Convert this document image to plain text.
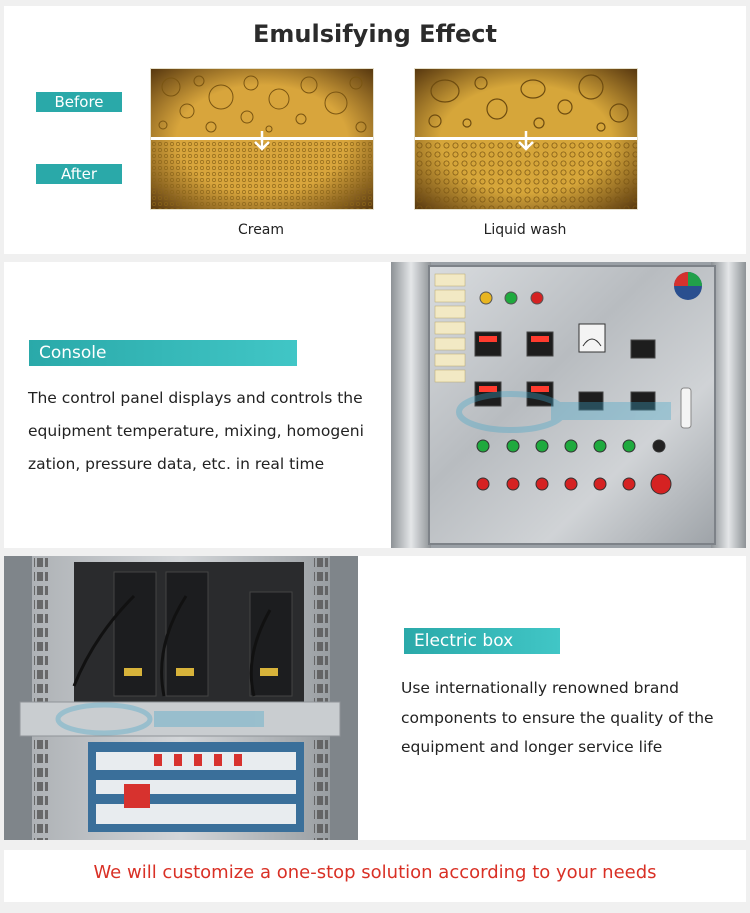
Emulsifying Effect
Before
After
Cream	Liquid wash
Console
The control panel displays and controls the equipment temperature, mixing, homogeni zation, pressure data, etc. in real time
Electric box
Use internationally renowned brand components to ensure the quality of the equipment and longer service life
We will customize a one-stop solution according to your needs
